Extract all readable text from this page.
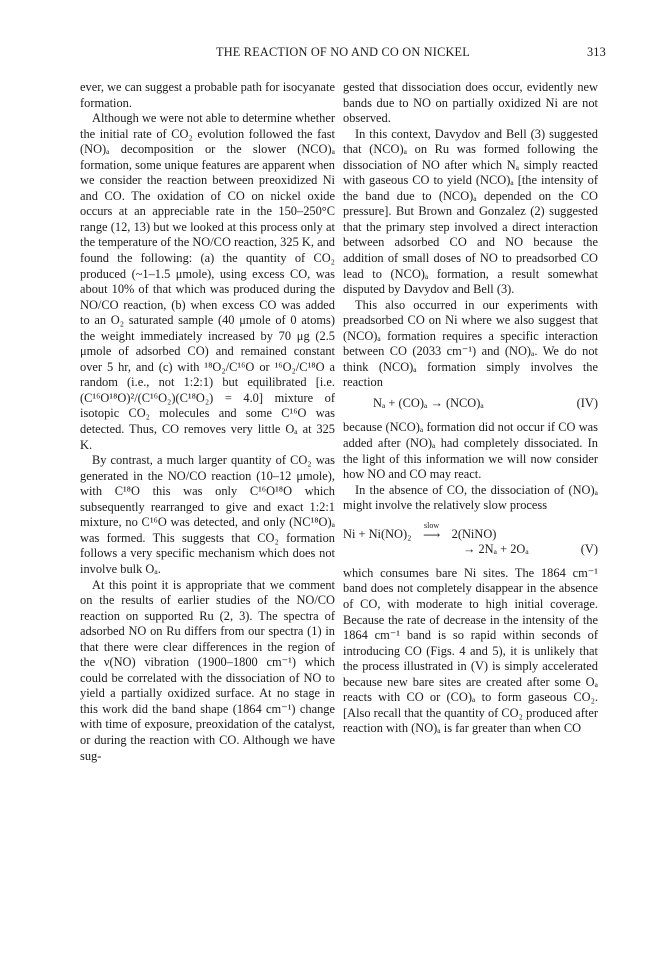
THE REACTION OF NO AND CO ON NICKEL	313

ever, we can suggest a probable path for isocyanate formation.

Although we were not able to determine whether the initial rate of CO₂ evolution followed the fast (NO)ₐ decomposition or the slower (NCO)ₐ formation, some unique features are apparent when we consider the reaction between preoxidized Ni and CO. The oxidation of CO on nickel oxide occurs at an appreciable rate in the 150–250°C range (12, 13) but we looked at this process only at the temperature of the NO/CO reaction, 325 K, and found the following: (a) the quantity of CO₂ produced (~1–1.5 μmole), using excess CO, was about 10% of that which was produced during the NO/CO reaction, (b) when excess CO was added to an O₂ saturated sample (40 μmole of 0 atoms) the weight immediately increased by 70 μg (2.5 μmole of adsorbed CO) and remained constant over 5 hr, and (c) with ¹⁸O₂/C¹⁶O or ¹⁶O₂/C¹⁸O a random (i.e., not 1:2:1) but equilibrated [i.e. (C¹⁶O¹⁸O)²/(C¹⁶O₂)(C¹⁸O₂) = 4.0] mixture of isotopic CO₂ molecules and some C¹⁶O was detected. Thus, CO removes very little Oₐ at 325 K.

By contrast, a much larger quantity of CO₂ was generated in the NO/CO reaction (10–12 μmole), with C¹⁸O this was only C¹⁶O¹⁸O which subsequently rearranged to give and exact 1:2:1 mixture, no C¹⁶O was detected, and only (NC¹⁸O)ₐ was formed. This suggests that CO₂ formation follows a very specific mechanism which does not involve bulk Oₐ.

At this point it is appropriate that we comment on the results of earlier studies of the NO/CO reaction on supported Ru (2, 3). The spectra of adsorbed NO on Ru differs from our spectra (1) in that there were clear differences in the region of the ν(NO) vibration (1900–1800 cm⁻¹) which could be correlated with the dissociation of NO to yield a partially oxidized surface. At no stage in this work did the band shape (1864 cm⁻¹) change with time of exposure, preoxidation of the catalyst, or during the reaction with CO. Although we have sug-

gested that dissociation does occur, evidently new bands due to NO on partially oxidized Ni are not observed.

In this context, Davydov and Bell (3) suggested that (NCO)ₐ on Ru was formed following the dissociation of NO after which Nₐ simply reacted with gaseous CO to yield (NCO)ₐ [the intensity of the band due to (NCO)ₐ depended on the CO pressure]. But Brown and Gonzalez (2) suggested that the primary step involved a direct interaction between adsorbed CO and NO because the addition of small doses of NO to preadsorbed CO lead to (NCO)ₐ formation, a result somewhat disputed by Davydov and Bell (3).

This also occurred in our experiments with preadsorbed CO on Ni where we also suggest that (NCO)ₐ formation requires a specific interaction between CO (2033 cm⁻¹) and (NO)ₐ. We do not think (NCO)ₐ formation simply involves the reaction

Nₐ + (CO)ₐ → (NCO)ₐ	(IV)

because (NCO)ₐ formation did not occur if CO was added after (NO)ₐ had completely dissociated. In the light of this information we will now consider how NO and CO may react.

In the absence of CO, the dissociation of (NO)ₐ might involve the relatively slow process

Ni + Ni(NO)₂ slow
⟶ 2(NiNO)
→ 2Nₐ + 2Oₐ	(V)

which consumes bare Ni sites. The 1864 cm⁻¹ band does not completely disappear in the absence of CO, with moderate to high initial coverage. Because the rate of decrease in the intensity of the 1864 cm⁻¹ band is so rapid within seconds of introducing CO (Figs. 4 and 5), it is unlikely that the process illustrated in (V) is simply accelerated because new bare sites are created after some Oₐ reacts with CO or (CO)ₐ to form gaseous CO₂. [Also recall that the quantity of CO₂ produced after reaction with (NO)ₐ is far greater than when CO
